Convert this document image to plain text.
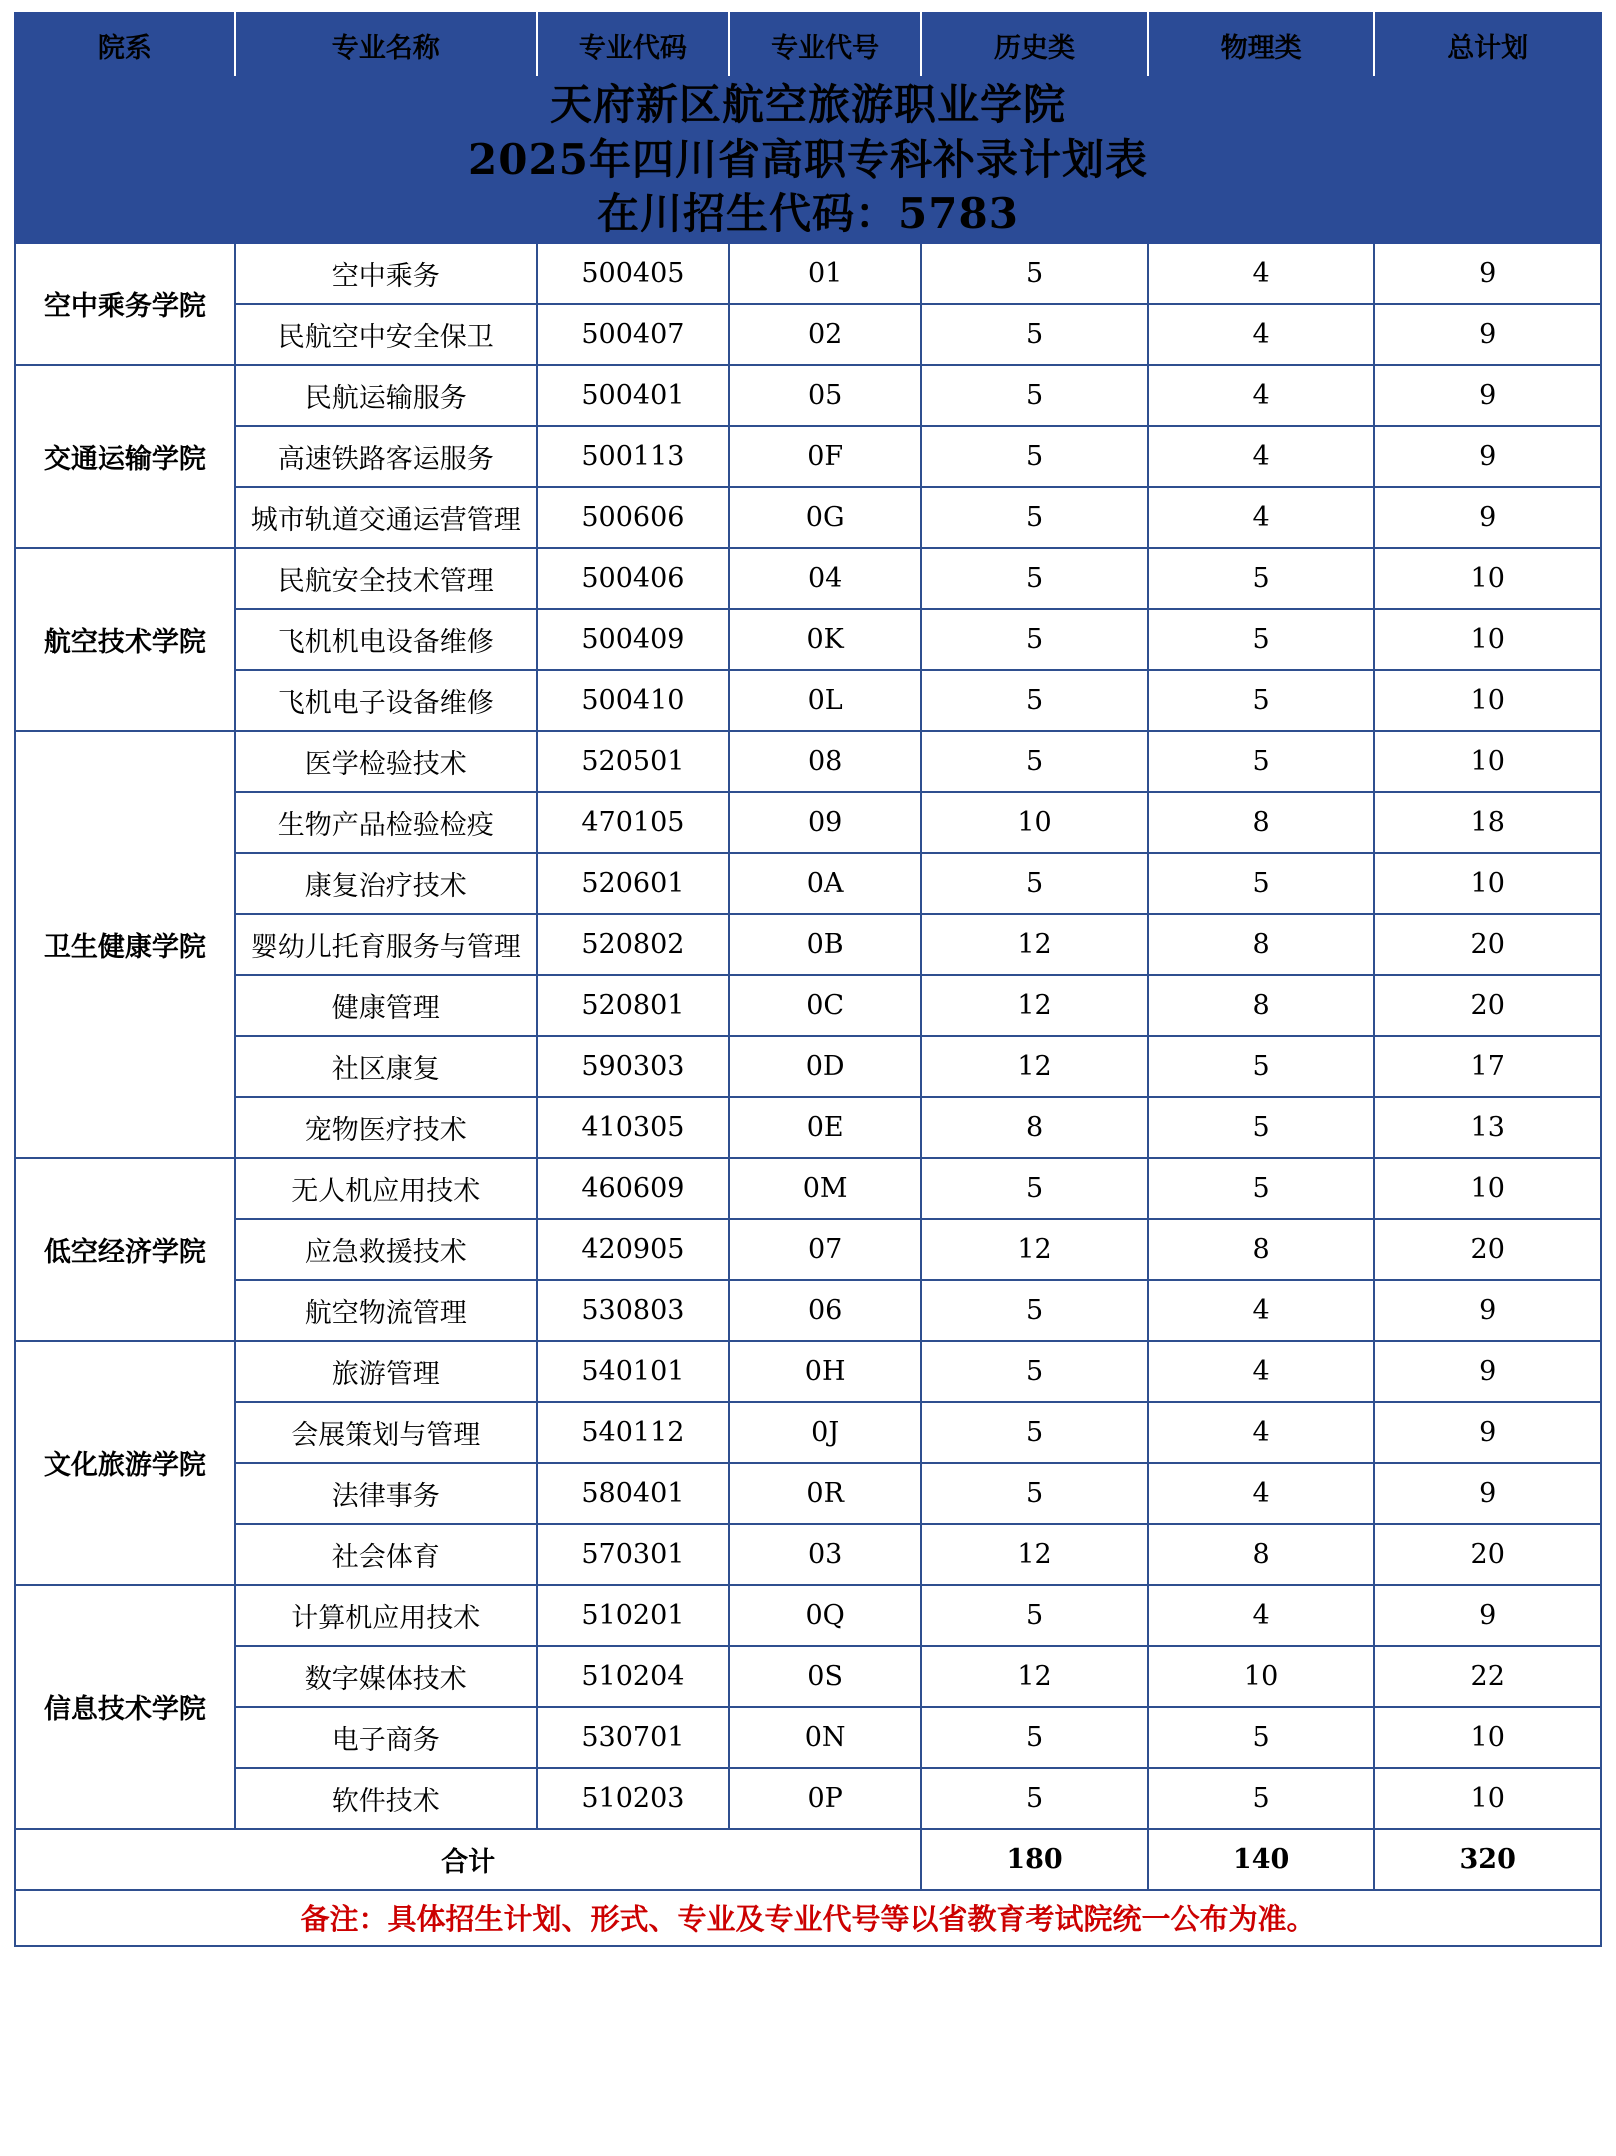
天府新区航空旅游职业学院
2025年四川省高职专科补录计划表
在川招生代码：5783						

院系	专业名称	专业代码	专业代号	历史类	物理类	总计划
空中乘务学院	空中乘务	500405	01	5	4	9
	民航空中安全保卫	500407	02	5	4	9
交通运输学院	民航运输服务	500401	05	5	4	9
	高速铁路客运服务	500113	0F	5	4	9
	城市轨道交通运营管理	500606	0G	5	4	9
航空技术学院	民航安全技术管理	500406	04	5	5	10
	飞机机电设备维修	500409	0K	5	5	10
	飞机电子设备维修	500410	0L	5	5	10
卫生健康学院	医学检验技术	520501	08	5	5	10
	生物产品检验检疫	470105	09	10	8	18
	康复治疗技术	520601	0A	5	5	10
	婴幼儿托育服务与管理	520802	0B	12	8	20
	健康管理	520801	0C	12	8	20
	社区康复	590303	0D	12	5	17
	宠物医疗技术	410305	0E	8	5	13
低空经济学院	无人机应用技术	460609	0M	5	5	10
	应急救援技术	420905	07	12	8	20
	航空物流管理	530803	06	5	4	9
文化旅游学院	旅游管理	540101	0H	5	4	9
	会展策划与管理	540112	0J	5	4	9
	法律事务	580401	0R	5	4	9
	社会体育	570301	03	12	8	20
信息技术学院	计算机应用技术	510201	0Q	5	4	9
	数字媒体技术	510204	0S	12	10	22
	电子商务	530701	0N	5	5	10
	软件技术	510203	0P	5	5	10
合计				180	140	320
备注：具体招生计划、形式、专业及专业代号等以省教育考试院统一公布为准。						
